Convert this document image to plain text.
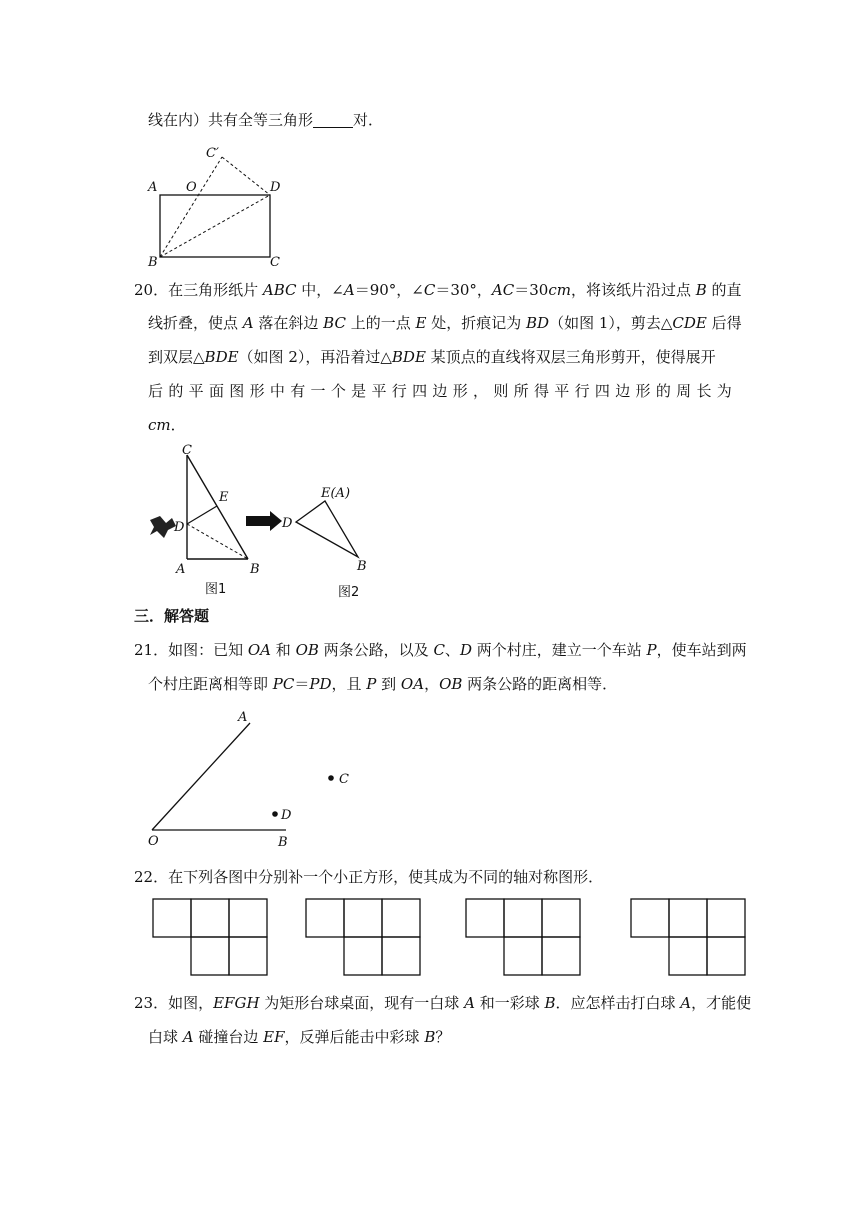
线在内）共有全等三角形	对．
A O
C′
D
B	C
C
E
D
A	B
D
E(A)
B
图1	图2
A
C
D
O	B
20．在三角形纸片 ABC 中，∠A＝90°，∠C＝30°，AC＝30cm，将该纸片沿过点 B 的直
线折叠，使点 A 落在斜边 BC 上的一点 E 处，折痕记为 BD（如图 1），剪去△CDE 后得
到双层△BDE（如图 2），再沿着过△BDE 某顶点的直线将双层三角形剪开，使得展开
后 的 平 面 图 形 中 有 一 个 是 平 行 四 边 形 ， 则 所 得 平 行 四 边 形 的 周 长 为
cm．
三．解答题
21．如图：已知 OA 和 OB 两条公路，以及 C、D 两个村庄，建立一个车站 P，使车站到两
个村庄距离相等即 PC＝PD，且 P 到 OA，OB 两条公路的距离相等．
22．在下列各图中分别补一个小正方形，使其成为不同的轴对称图形．
23．如图，EFGH 为矩形台球桌面，现有一白球 A 和一彩球 B．应怎样击打白球 A，才能使
白球 A 碰撞台边 EF，反弹后能击中彩球 B？
